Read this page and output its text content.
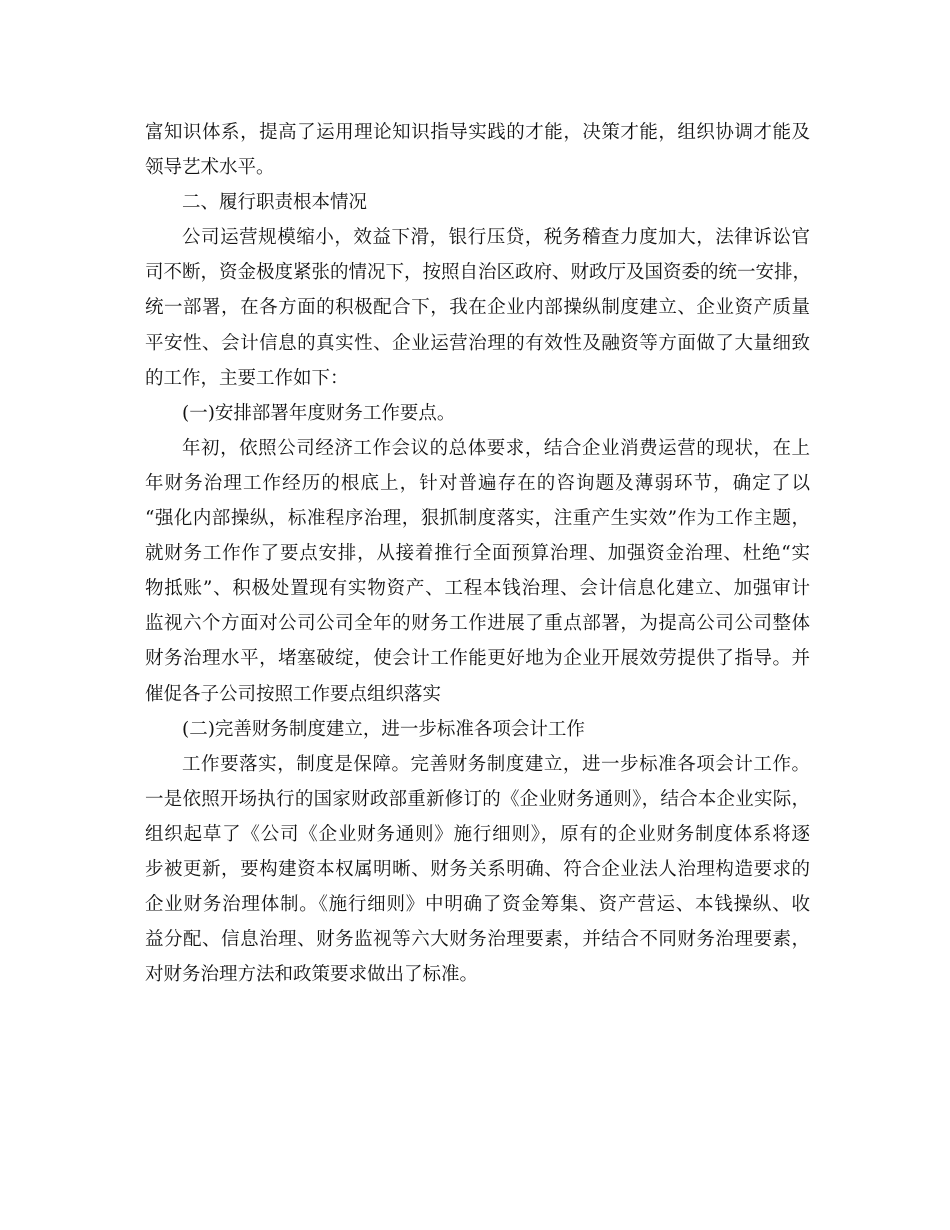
富知识体系，提高了运用理论知识指导实践的才能，决策才能，组织协调才能及
领导艺术水平。
二、履行职责根本情况
公司运营规模缩小，效益下滑，银行压贷，税务稽查力度加大，法律诉讼官
司不断，资金极度紧张的情况下，按照自治区政府、财政厅及国资委的统一安排，
统一部署，在各方面的积极配合下，我在企业内部操纵制度建立、企业资产质量
平安性、会计信息的真实性、企业运营治理的有效性及融资等方面做了大量细致
的工作，主要工作如下：
(一)安排部署年度财务工作要点。
年初，依照公司经济工作会议的总体要求，结合企业消费运营的现状，在上
年财务治理工作经历的根底上，针对普遍存在的咨询题及薄弱环节，确定了以
“强化内部操纵，标准程序治理，狠抓制度落实，注重产生实效”作为工作主题，
就财务工作作了要点安排，从接着推行全面预算治理、加强资金治理、杜绝“实
物抵账”、积极处置现有实物资产、工程本钱治理、会计信息化建立、加强审计
监视六个方面对公司公司全年的财务工作进展了重点部署，为提高公司公司整体
财务治理水平，堵塞破绽，使会计工作能更好地为企业开展效劳提供了指导。并
催促各子公司按照工作要点组织落实
(二)完善财务制度建立，进一步标准各项会计工作
工作要落实，制度是保障。完善财务制度建立，进一步标准各项会计工作。
一是依照开场执行的国家财政部重新修订的《企业财务通则》，结合本企业实际，
组织起草了《公司《企业财务通则》施行细则》，原有的企业财务制度体系将逐
步被更新，要构建资本权属明晰、财务关系明确、符合企业法人治理构造要求的
企业财务治理体制。《施行细则》中明确了资金筹集、资产营运、本钱操纵、收
益分配、信息治理、财务监视等六大财务治理要素，并结合不同财务治理要素，
对财务治理方法和政策要求做出了标准。
